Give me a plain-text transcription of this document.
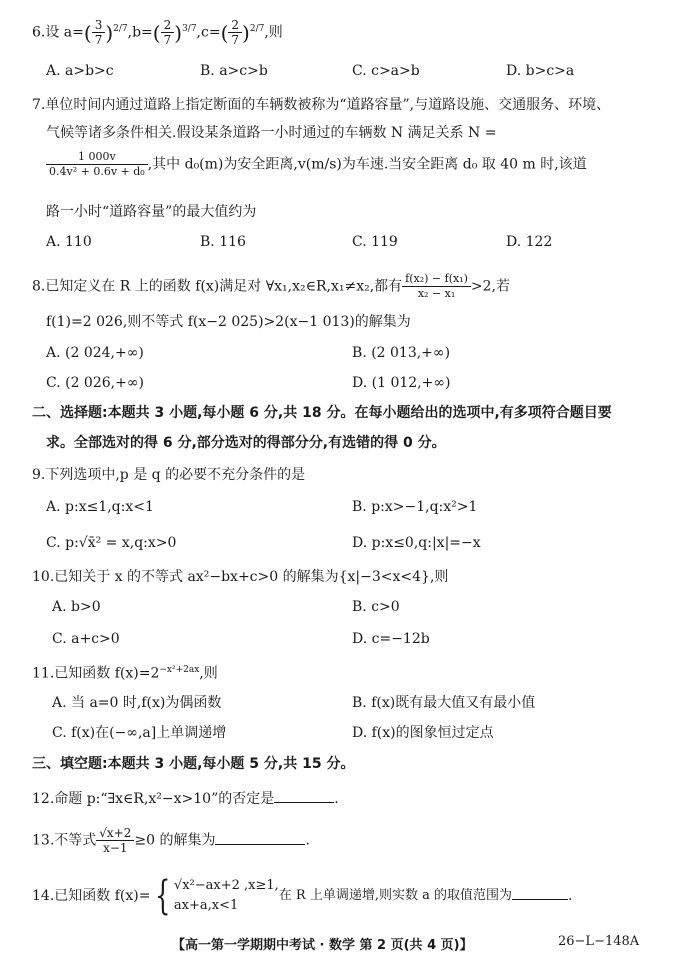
6.设 $a=( \frac{3}{7} )^{2/7},b=( \frac{2}{7} )^{3/7},c=( \frac{2}{7} )^{2/7}$,则
A. a>b>c	B. a>c>b	C. c>a>b	D. b>c>a
7.单位时间内通过道路上指定断面的车辆数被称为“道路容量”,与道路设施、交通服务、环境、
气候等诸多条件相关.假设某条道路一小时通过的车辆数 N 满足关系 N =
$\frac{1 000v}{\text{0.4v² + 0.6v + d₀}}$ ,其中 d₀(m)为安全距离,v(m/s)为车速.当安全距离 d₀ 取 40 m 时,该道
路一小时“道路容量”的最大值约为
A. 110	B. 116	C. 119	D. 122
8.已知定义在 R 上的函数 f(x)满足对 ∀x₁,x₂∈R,x₁≠x₂,都有 $\frac{\text{f(x₂) − f(x₁)}}{\text{x₂ − x₁}} >2$,若
f(1)=2 026,则不等式 f(x−2 025)>2(x−1 013)的解集为
A. (2 024,+∞)	B. (2 013,+∞)
C. (2 026,+∞)	D. (1 012,+∞)
二、选择题:本题共 3 小题,每小题 6 分,共 18 分。在每小题给出的选项中,有多项符合题目要
求。全部选对的得 6 分,部分选对的得部分分,有选错的得 0 分。
9.下列选项中,p 是 q 的必要不充分条件的是
A. p:x≤1,q:x<1	B. p:x>−1,q:x²>1
C. p:√x̄² = x,q:x>0	D. p:x≤0,q:|x|=−x
10.已知关于 x 的不等式 ax²−bx+c>0 的解集为{x|−3<x<4},则
A. b>0	B. c>0
C. a+c>0	D. c=−12b
11.已知函数 $f(x)=2^{-x^2+2ax}$,则
A. 当 a=0 时,f(x)为偶函数	B. f(x)既有最大值又有最小值
C. f(x)在(−∞,a]上单调递增	D. f(x)的图象恒过定点
三、填空题:本题共 3 小题,每小题 5 分,共 15 分。
12.命题 p:“∃x∈R,x²−x>10”的否定是	.
13.不等式 $\frac{√x+2}{x-1} \ge 0$ 的解集为	.
14.已知函数 f(x)= { √x²−ax+2 ,x≥1,
ax+a,x<1
在 R 上单调递增,则实数 a 的取值范围为	.
【高一第一学期期中考试 · 数学 第 2 页(共 4 页)】	26−L−148A
